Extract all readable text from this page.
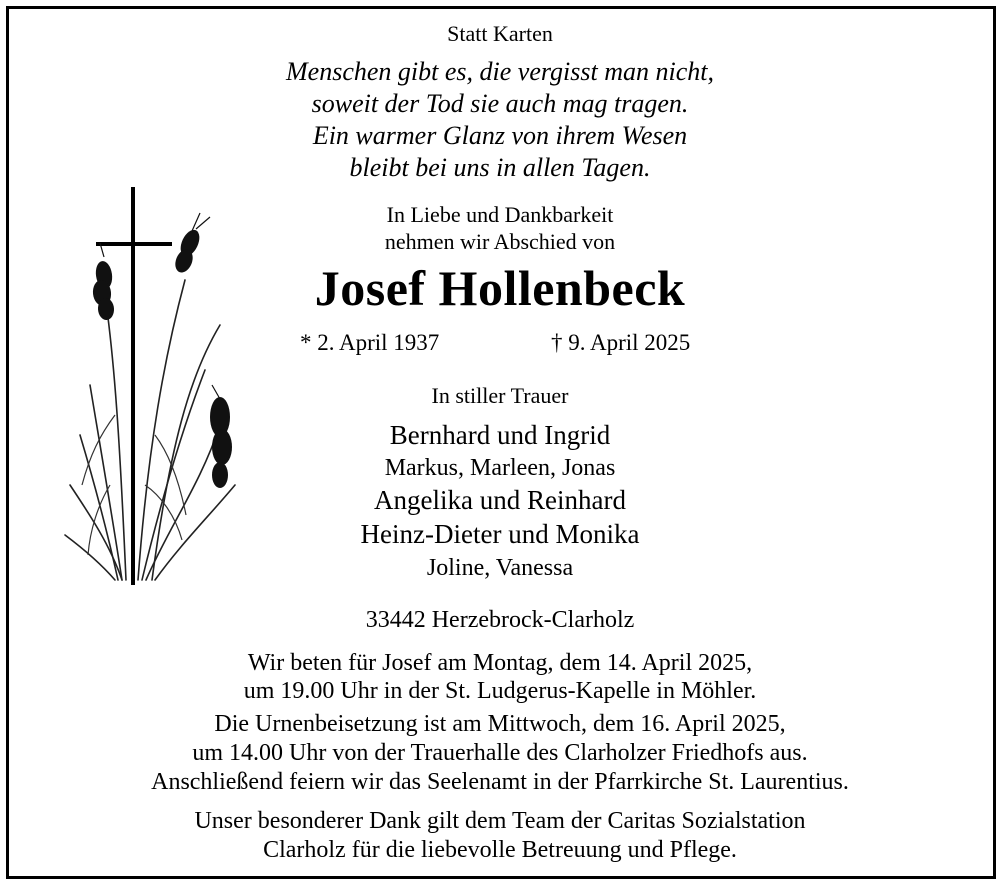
Statt Karten
Menschen gibt es, die vergisst man nicht,
soweit der Tod sie auch mag tragen.
Ein warmer Glanz von ihrem Wesen
bleibt bei uns in allen Tagen.
In Liebe und Dankbarkeit
nehmen wir Abschied von
Josef Hollenbeck
* 2. April 1937	† 9. April 2025
In stiller Trauer
Bernhard und Ingrid
Markus, Marleen, Jonas
Angelika und Reinhard
Heinz-Dieter und Monika
Joline, Vanessa
33442 Herzebrock-Clarholz
Wir beten für Josef am Montag, dem 14. April 2025,
um 19.00 Uhr in der St. Ludgerus-Kapelle in Möhler.
Die Urnenbeisetzung ist am Mittwoch, dem 16. April 2025,
um 14.00 Uhr von der Trauerhalle des Clarholzer Friedhofs aus.
Anschließend feiern wir das Seelenamt in der Pfarrkirche St. Laurentius.
Unser besonderer Dank gilt dem Team der Caritas Sozialstation
Clarholz für die liebevolle Betreuung und Pflege.
